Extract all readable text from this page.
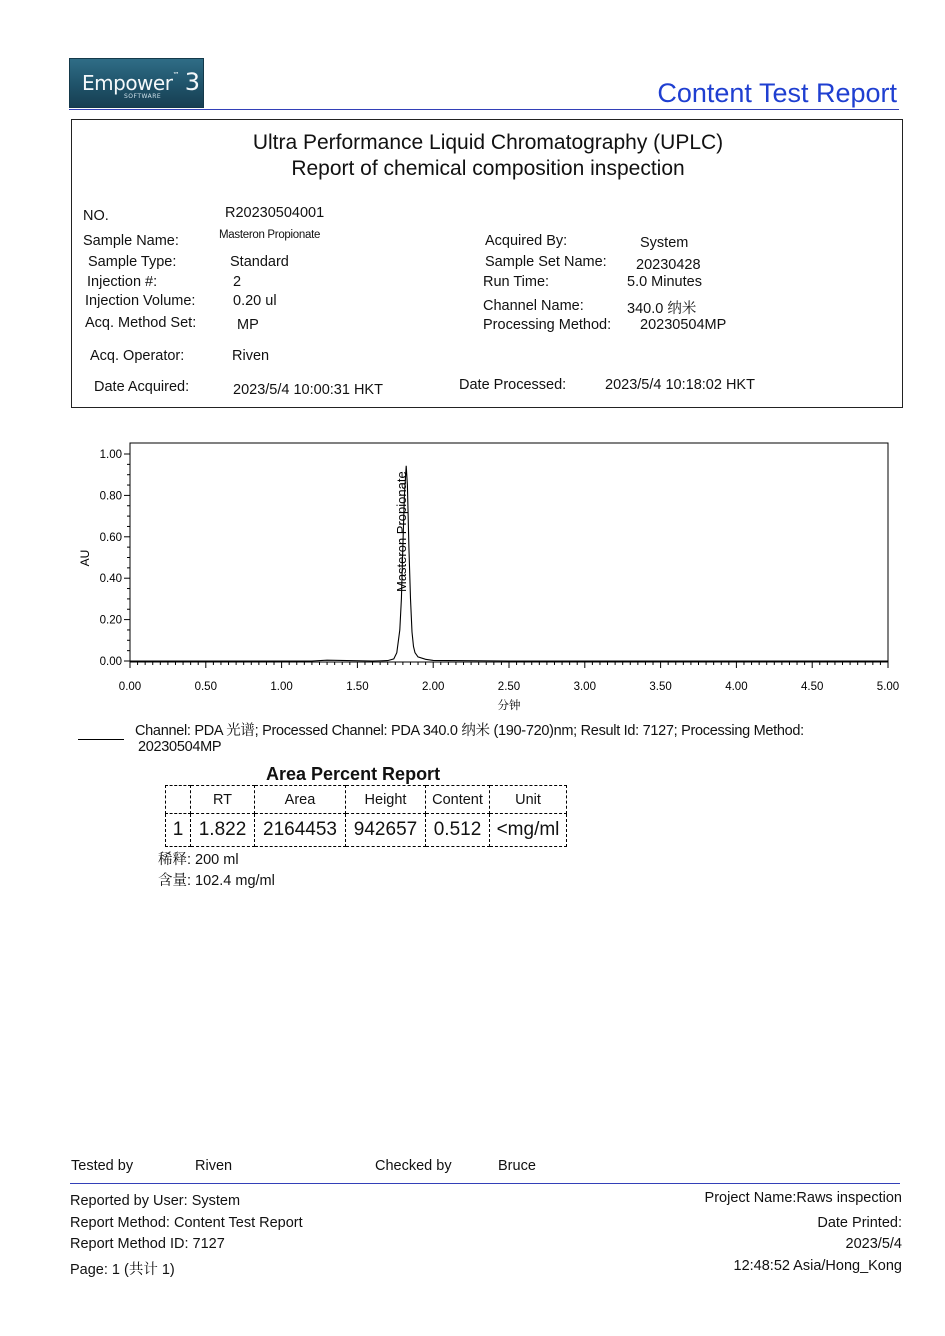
Empower™ 3
SOFTWARE	Content Test Report
Ultra Performance Liquid Chromatography (UPLC)
Report of chemical composition inspection
NO.	R20230504001
Sample Name:	Masteron Propionate
Sample Type:	Standard
Injection #:	2
Injection Volume:	0.20 ul
Acq. Method Set:	MP
Acq. Operator:	Riven
Date Acquired:	2023/5/4 10:00:31 HKT
Acquired By:	System
Sample Set Name: 20230428
Run Time:	5.0 Minutes
Channel Name:	340.0 纳米
Processing Method: 20230504MP
Date Processed:	2023/5/4 10:18:02 HKT
0.00
0.20
0.40
0.60
0.80
1.00
AU
0.00	0.50	1.00	1.50	2.00	2.50	3.00	3.50	4.00	4.50	5.00
分钟
Masteron Propionate
Channel: PDA 光谱; Processed Channel: PDA 340.0 纳米 (190-720)nm; Result Id: 7127; Processing Method:
20230504MP
Area Percent Report
	RT	Area	Height	Content	Unit
1	1.822	2164453	942657	0.512	<mg/ml
稀释: 200 ml
含量: 102.4 mg/ml
Tested by	Riven	Checked by	Bruce
Reported by User: System
Report Method: Content Test Report
Report Method ID: 7127
Page: 1 (共计 1)
Project Name:Raws inspection
Date Printed:
2023/5/4
12:48:52 Asia/Hong_Kong
